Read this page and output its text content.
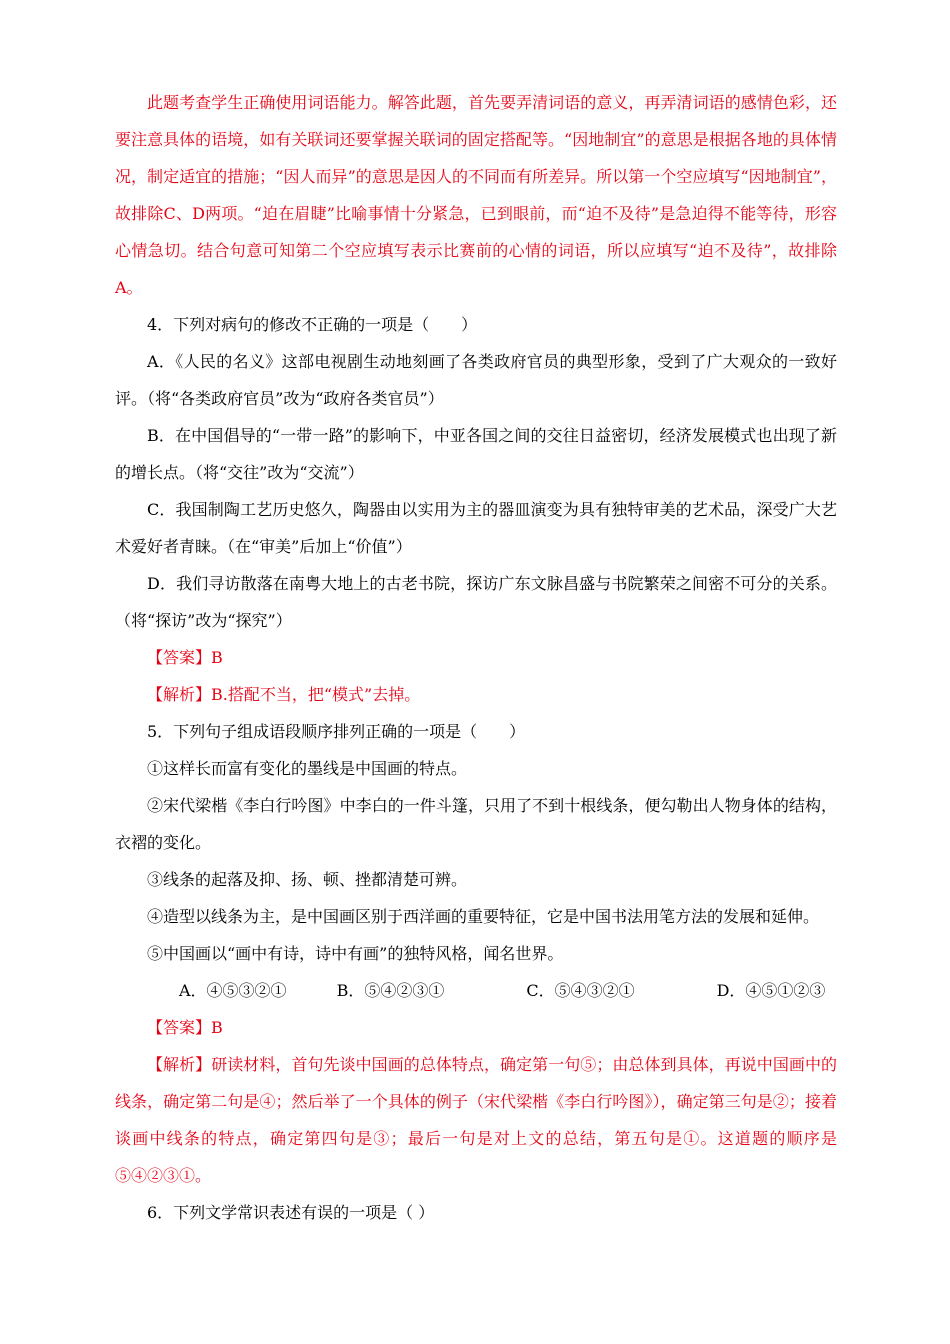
此题考查学生正确使用词语能力。解答此题，首先要弄清词语的意义，再弄清词语的感情色彩，还要注意具体的语境，如有关联词还要掌握关联词的固定搭配等。“因地制宜”的意思是根据各地的具体情况，制定适宜的措施；“因人而异”的意思是因人的不同而有所差异。所以第一个空应填写“因地制宜”，故排除C、D两项。“迫在眉睫”比喻事情十分紧急，已到眼前，而“迫不及待”是急迫得不能等待，形容心情急切。结合句意可知第二个空应填写表示比赛前的心情的词语，所以应填写“迫不及待”，故排除A。

4．下列对病句的修改不正确的一项是（　　）

A．《人民的名义》这部电视剧生动地刻画了各类政府官员的典型形象，受到了广大观众的一致好评。（将“各类政府官员”改为“政府各类官员”）

B．在中国倡导的“一带一路”的影响下，中亚各国之间的交往日益密切，经济发展模式也出现了新的增长点。（将“交往”改为“交流”）

C．我国制陶工艺历史悠久，陶器由以实用为主的器皿演变为具有独特审美的艺术品，深受广大艺术爱好者青睐。（在“审美”后加上“价值”）

D．我们寻访散落在南粤大地上的古老书院，探访广东文脉昌盛与书院繁荣之间密不可分的关系。（将“探访”改为“探究”）

【答案】B

【解析】B.搭配不当，把“模式”去掉。

5．下列句子组成语段顺序排列正确的一项是（　　）

①这样长而富有变化的墨线是中国画的特点。

②宋代梁楷《李白行吟图》中李白的一件斗篷，只用了不到十根线条，便勾勒出人物身体的结构，衣褶的变化。

③线条的起落及抑、扬、顿、挫都清楚可辨。

④造型以线条为主，是中国画区别于西洋画的重要特征，它是中国书法用笔方法的发展和延伸。

⑤中国画以“画中有诗，诗中有画”的独特风格，闻名世界。

A．④⑤③②①	B．⑤④②③①	C．⑤④③②①	D．④⑤①②③

【答案】B

【解析】研读材料，首句先谈中国画的总体特点，确定第一句⑤；由总体到具体，再说中国画中的线条，确定第二句是④；然后举了一个具体的例子（宋代梁楷《李白行吟图》），确定第三句是②；接着谈画中线条的特点，确定第四句是③；最后一句是对上文的总结，第五句是①。这道题的顺序是⑤④②③①。

6．下列文学常识表述有误的一项是（ ）
